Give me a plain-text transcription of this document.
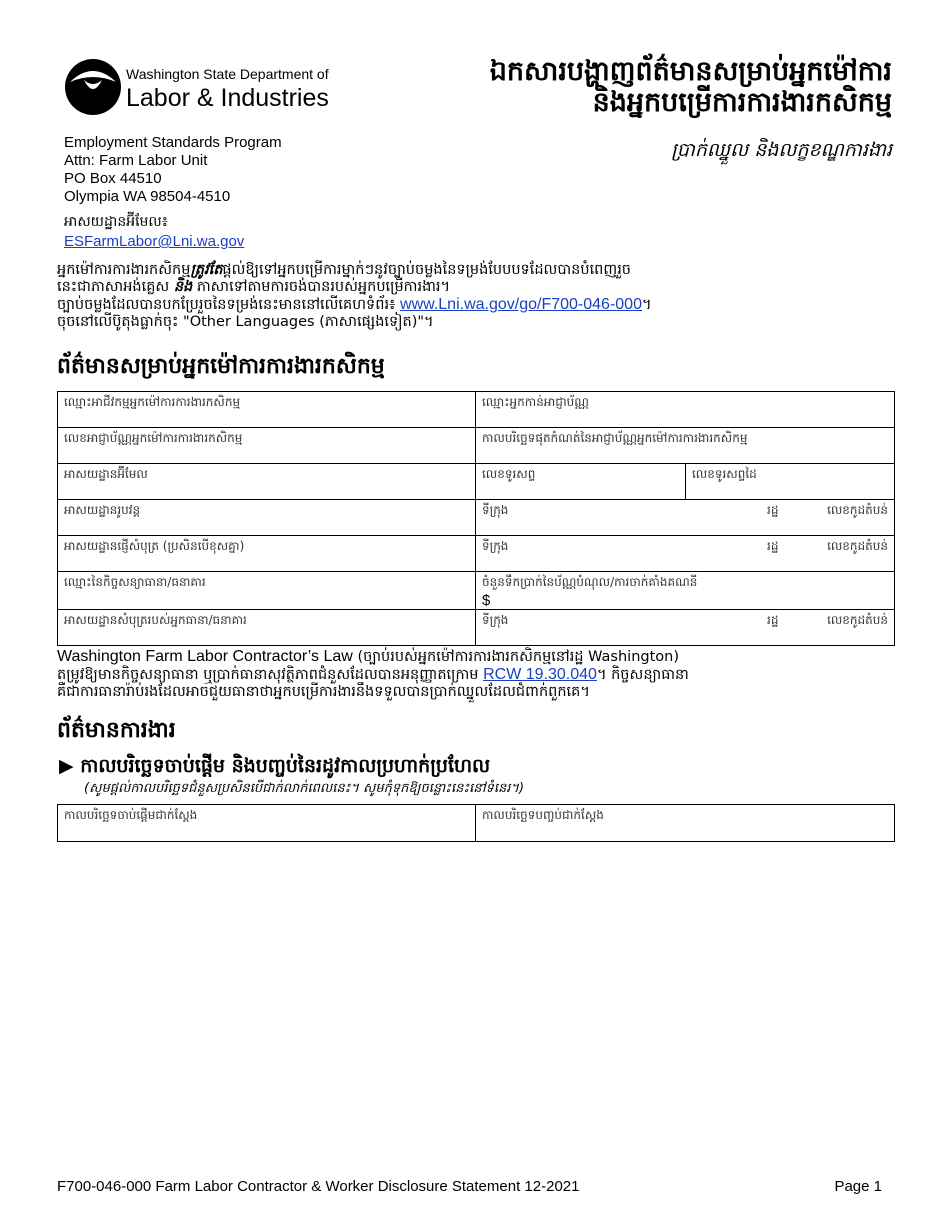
Washington State Department of
Labor & Industries
ឯកសារបង្ហាញព័ត៌មានសម្រាប់អ្នកម៉ៅការ
និងអ្នកបម្រើការការងារកសិកម្ម
ប្រាក់ឈ្នួល និងលក្ខខណ្ឌការងារ
Employment Standards Program
Attn: Farm Labor Unit
PO Box 44510
Olympia WA 98504-4510
អាសយដ្ឋានអ៊ីមែល៖
ESFarmLabor@Lni.wa.gov

អ្នកម៉ៅការការងារកសិកម្មត្រូវតែផ្តល់ឱ្យទៅអ្នកបម្រើការម្នាក់ៗនូវច្បាប់ចម្លងនៃទម្រង់បែបបទដែលបានបំពេញរួច

នេះជាភាសាអង់គ្លេស និង ភាសាទៅតាមការចង់បានរបស់អ្នកបម្រើការងារ។

ច្បាប់ចម្លងដែលបានបកប្រែរួចនៃទម្រង់នេះមាននៅលើគេហទំព័រ៖ www.Lni.wa.gov/go/F700-046-000។

ចុចនៅលើប៊ូតុងធ្លាក់ចុះ "Other Languages (ភាសាផ្សេងទៀត)"។

ព័ត៌មានសម្រាប់អ្នកម៉ៅការការងារកសិកម្ម
ឈ្មោះអាជីវកម្មអ្នកម៉ៅការការងារកសិកម្ម	ឈ្មោះអ្នកកាន់អាជ្ញាប័ណ្ណ	
លេខអាជ្ញាប័ណ្ណអ្នកម៉ៅការការងារកសិកម្ម	កាលបរិច្ឆេទផុតកំណត់នៃអាជ្ញាប័ណ្ណអ្នកម៉ៅការការងារកសិកម្ម	
អាសយដ្ឋានអ៊ីមែល	លេខទូរសព្ទ	លេខទូរសព្ទដៃ
អាសយដ្ឋានរូបវន្ត	ទីក្រុង រដ្ឋ លេខកូដតំបន់	

អាសយដ្ឋានផ្ញើសំបុត្រ (ប្រសិនបើខុសគ្នា)	ទីក្រុង រដ្ឋ លេខកូដតំបន់	

ឈ្មោះនៃកិច្ចសន្យាធានា/ធនាគារ	ចំនួនទឹកប្រាក់នៃប័ណ្ណបំណុល/ការចាក់គាំងគណនី
$	

អាសយដ្ឋានសំបុត្ររបស់អ្នកធានា/ធនាគារ	ទីក្រុង រដ្ឋ លេខកូដតំបន់	

Washington Farm Labor Contractor’s Law (ច្បាប់របស់អ្នកម៉ៅការការងារកសិកម្មនៅរដ្ឋ Washington)

តម្រូវឱ្យមានកិច្ចសន្យាធានា ឬប្រាក់ធានាសុវត្ថិភាពជំនួសដែលបានអនុញ្ញាតក្រោម RCW 19.30.040។ កិច្ចសន្យាធានា

គឺជាការធានារ៉ាប់រងដែលអាចជួយធានាថាអ្នកបម្រើការងារនឹងទទួលបានប្រាក់ឈ្នួលដែលជំពាក់ពួកគេ។

ព័ត៌មានការងារ
▶ កាលបរិច្ឆេទចាប់ផ្តើម និងបញ្ចប់នៃរដូវកាលប្រហាក់ប្រហែល
(សូមផ្តល់កាលបរិច្ឆេទជំនួសប្រសិនបើជាក់លាក់ពេលនេះ។ សូមកុំទុកឱ្យចន្លោះនេះនៅទំនេរ។)
កាលបរិច្ឆេទចាប់ផ្តើមជាក់ស្តែង	កាលបរិច្ឆេទបញ្ចប់ជាក់ស្តែង
F700-046-000 Farm Labor Contractor & Worker Disclosure Statement 12-2021	Page 1
